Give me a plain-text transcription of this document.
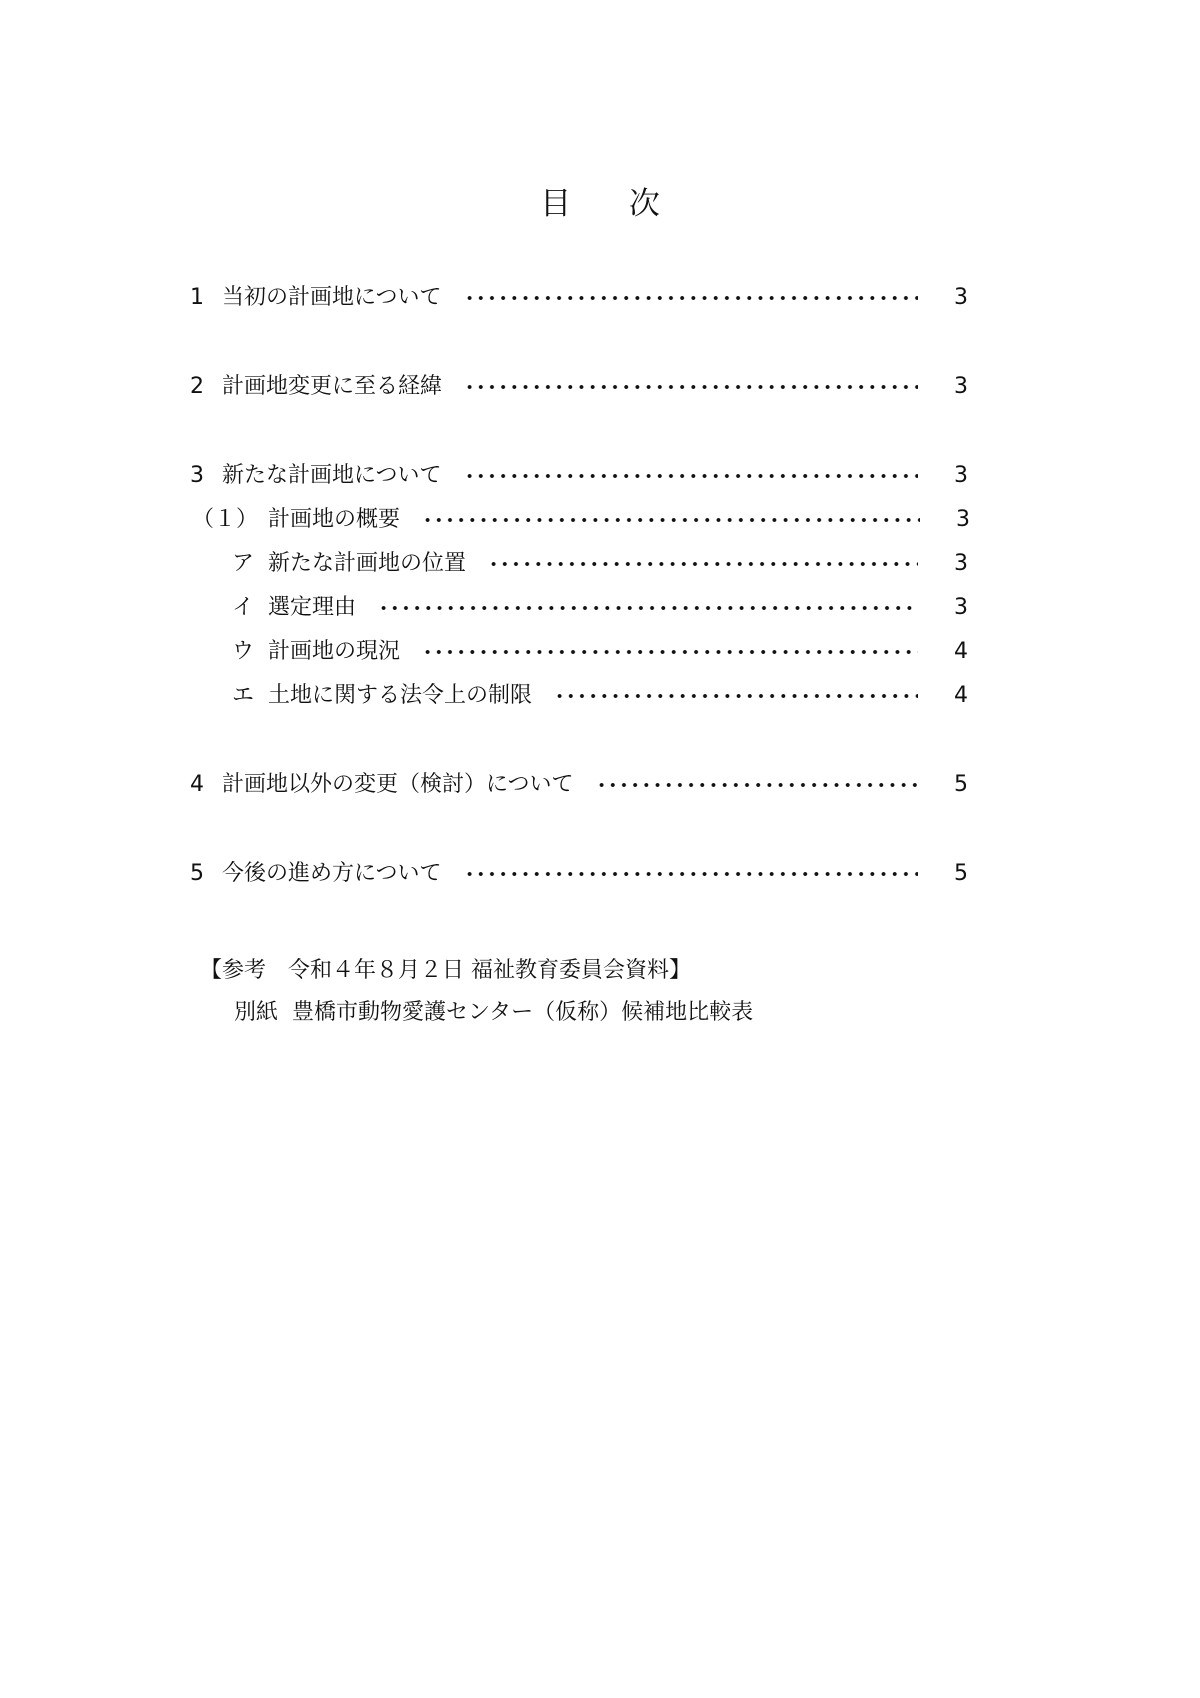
目 次
1 当初の計画地について	3
2 計画地変更に至る経緯	3
3 新たな計画地について	3
（１） 計画地の概要	3
ア 新たな計画地の位置	3
イ 選定理由	3
ウ 計画地の現況	4
エ 土地に関する法令上の制限	4
4 計画地以外の変更（検討）について	5
5 今後の進め方について	5
【参考　令和４年８月２日 福祉教育委員会資料】
別紙 豊橋市動物愛護センター（仮称）候補地比較表
